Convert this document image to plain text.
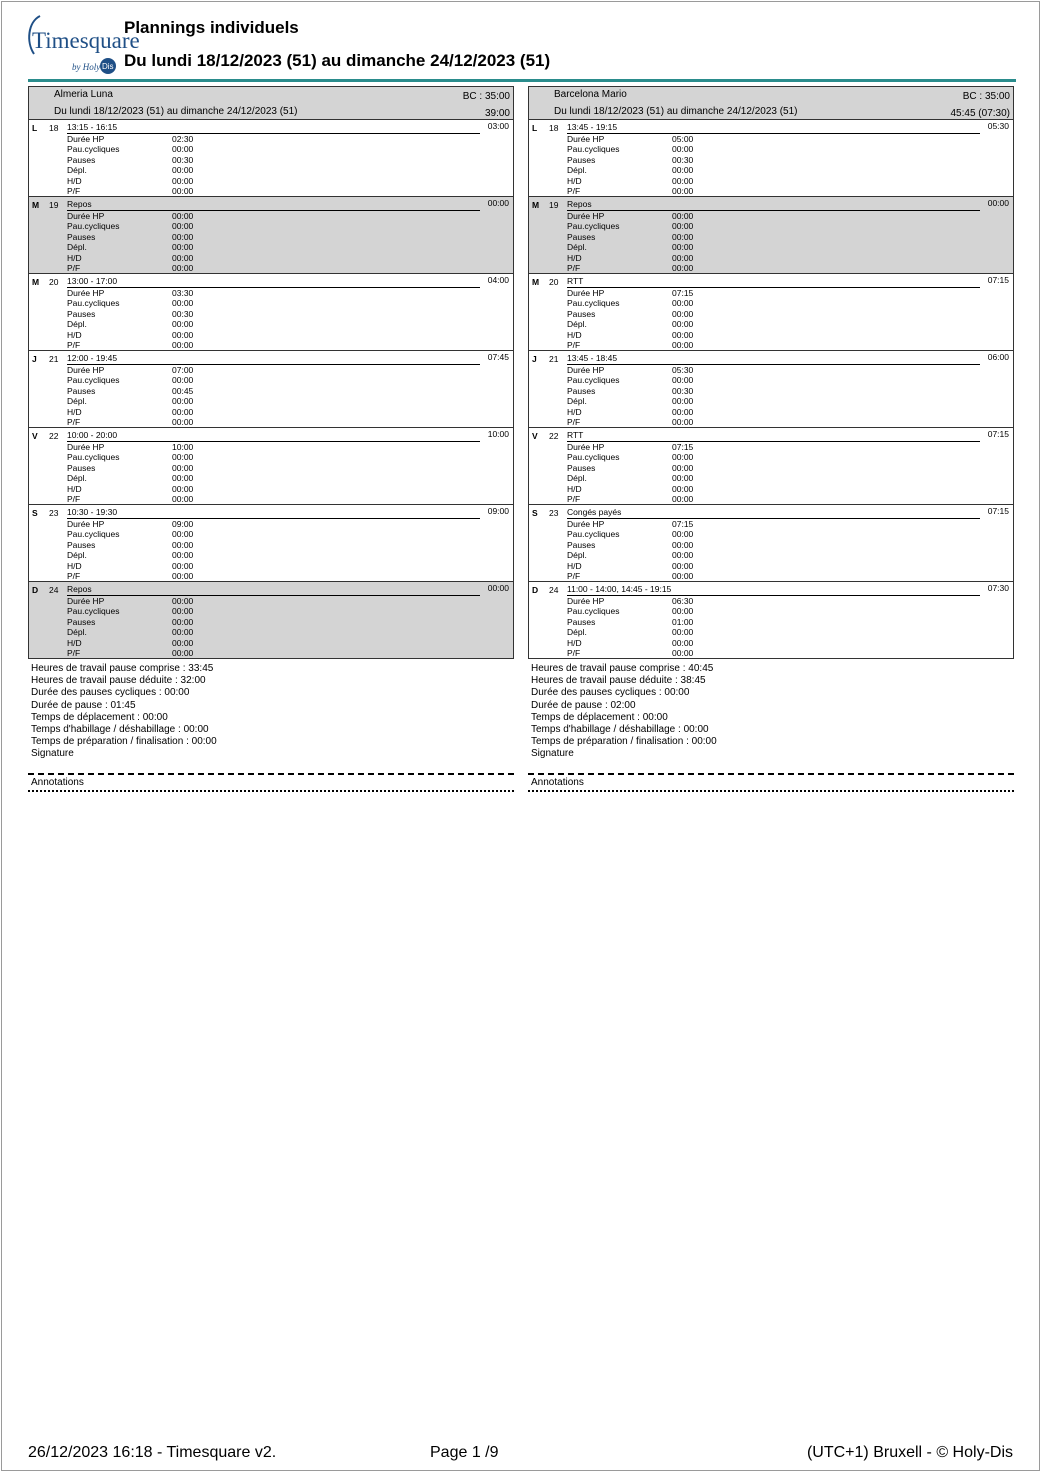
Timesquare
by Holy Dis
Plannings individuels
Du lundi 18/12/2023 (51) au dimanche 24/12/2023 (51)
Almeria Luna	BC : 35:00
Du lundi 18/12/2023 (51) au dimanche 24/12/2023 (51)	39:00
L 18 13:15 - 16:15	03:00
Durée HP	02:30
Pau.cycliques	00:00
Pauses	00:30
Dépl.	00:00
H/D	00:00
P/F	00:00
M 19 Repos	00:00
Durée HP	00:00
Pau.cycliques	00:00
Pauses	00:00
Dépl.	00:00
H/D	00:00
P/F	00:00
M 20 13:00 - 17:00	04:00
Durée HP	03:30
Pau.cycliques	00:00
Pauses	00:30
Dépl.	00:00
H/D	00:00
P/F	00:00
J 21 12:00 - 19:45	07:45
Durée HP	07:00
Pau.cycliques	00:00
Pauses	00:45
Dépl.	00:00
H/D	00:00
P/F	00:00
V 22 10:00 - 20:00	10:00
Durée HP	10:00
Pau.cycliques	00:00
Pauses	00:00
Dépl.	00:00
H/D	00:00
P/F	00:00
S 23 10:30 - 19:30	09:00
Durée HP	09:00
Pau.cycliques	00:00
Pauses	00:00
Dépl.	00:00
H/D	00:00
P/F	00:00
D 24 Repos	00:00
Durée HP	00:00
Pau.cycliques	00:00
Pauses	00:00
Dépl.	00:00
H/D	00:00
P/F	00:00
Heures de travail pause comprise : 33:45
Heures de travail pause déduite : 32:00
Durée des pauses cycliques : 00:00
Durée de pause : 01:45
Temps de déplacement : 00:00
Temps d'habillage / déshabillage : 00:00
Temps de préparation / finalisation : 00:00
Signature
Annotations
Barcelona Mario	BC : 35:00
Du lundi 18/12/2023 (51) au dimanche 24/12/2023 (51)	45:45 (07:30)
L 18 13:45 - 19:15	05:30
Durée HP	05:00
Pau.cycliques	00:00
Pauses	00:30
Dépl.	00:00
H/D	00:00
P/F	00:00
M 19 Repos	00:00
Durée HP	00:00
Pau.cycliques	00:00
Pauses	00:00
Dépl.	00:00
H/D	00:00
P/F	00:00
M 20 RTT	07:15
Durée HP	07:15
Pau.cycliques	00:00
Pauses	00:00
Dépl.	00:00
H/D	00:00
P/F	00:00
J 21 13:45 - 18:45	06:00
Durée HP	05:30
Pau.cycliques	00:00
Pauses	00:30
Dépl.	00:00
H/D	00:00
P/F	00:00
V 22 RTT	07:15
Durée HP	07:15
Pau.cycliques	00:00
Pauses	00:00
Dépl.	00:00
H/D	00:00
P/F	00:00
S 23 Congés payés	07:15
Durée HP	07:15
Pau.cycliques	00:00
Pauses	00:00
Dépl.	00:00
H/D	00:00
P/F	00:00
D 24 11:00 - 14:00, 14:45 - 19:15	07:30
Durée HP	06:30
Pau.cycliques	00:00
Pauses	01:00
Dépl.	00:00
H/D	00:00
P/F	00:00
Heures de travail pause comprise : 40:45
Heures de travail pause déduite : 38:45
Durée des pauses cycliques : 00:00
Durée de pause : 02:00
Temps de déplacement : 00:00
Temps d'habillage / déshabillage : 00:00
Temps de préparation / finalisation : 00:00
Signature
Annotations
26/12/2023 16:18 - Timesquare v2.	Page 1 /9	(UTC+1) Bruxell - © Holy-Dis
